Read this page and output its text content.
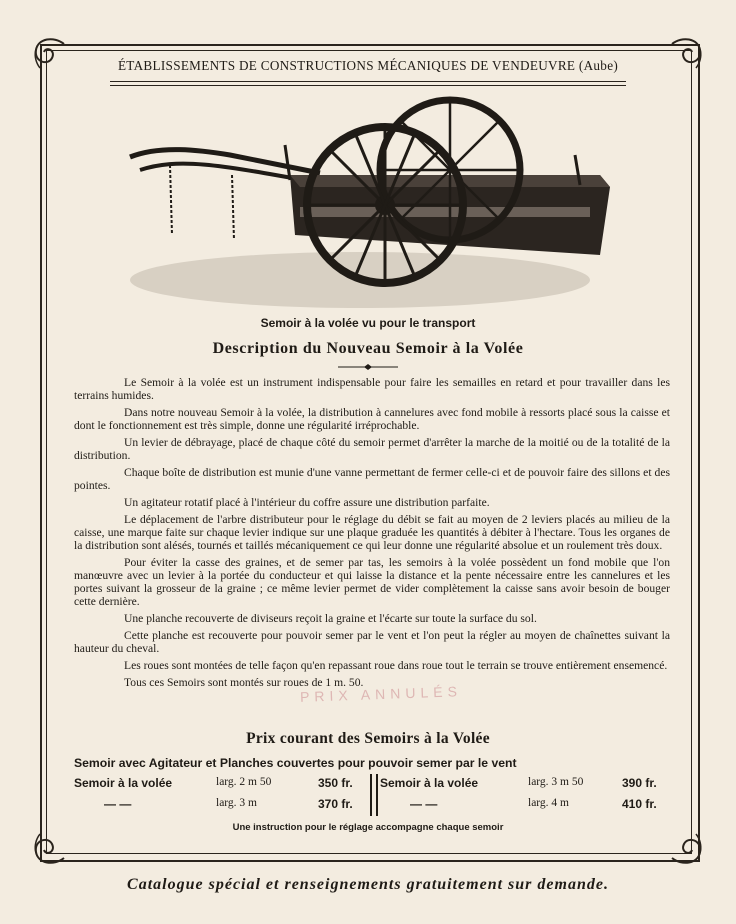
ÉTABLISSEMENTS DE CONSTRUCTIONS MÉCANIQUES DE VENDEUVRE (Aube)
Semoir à la volée vu pour le transport
Description du Nouveau Semoir à la Volée

Le Semoir à la volée est un instrument indispensable pour faire les semailles en retard et pour travailler dans les terrains humides.

Dans notre nouveau Semoir à la volée, la distribution à cannelures avec fond mobile à ressorts placé sous la caisse et dont le fonctionnement est très simple, donne une régularité irréprochable.

Un levier de débrayage, placé de chaque côté du semoir permet d'arrêter la marche de la moitié ou de la totalité de la distribution.

Chaque boîte de distribution est munie d'une vanne permettant de fermer celle-ci et de pouvoir faire des sillons et des pointes.

Un agitateur rotatif placé à l'intérieur du coffre assure une distribution parfaite.

Le déplacement de l'arbre distributeur pour le réglage du débit se fait au moyen de 2 leviers placés au milieu de la caisse, une marque faite sur chaque levier indique sur une plaque graduée les quantités à débiter à l'hectare. Tous les organes de la distribution sont alésés, tournés et taillés mécaniquement ce qui leur donne une régularité absolue et un roulement très doux.

Pour éviter la casse des graines, et de semer par tas, les semoirs à la volée possèdent un fond mobile que l'on manœuvre avec un levier à la portée du conducteur et qui laisse la distance et la pente nécessaire entre les cannelures et les portes suivant la grosseur de la graine ; ce même levier permet de vider complètement la caisse sans avoir besoin de bouger cette dernière.

Une planche recouverte de diviseurs reçoit la graine et l'écarte sur toute la surface du sol.

Cette planche est recouverte pour pouvoir semer par le vent et l'on peut la régler au moyen de chaînettes suivant la hauteur du cheval.

Les roues sont montées de telle façon qu'en repassant roue dans roue tout le terrain se trouve entièrement ensemencé.

Tous ces Semoirs sont montés sur roues de 1 m. 50.

PRIX ANNULÉS
Prix courant des Semoirs à la Volée
Semoir avec Agitateur et Planches couvertes pour pouvoir semer par le vent
Semoir à la volée	larg. 2 m 50	350 fr. Semoir à la volée	larg. 3 m 50	390 fr.
— —	larg. 3 m	370 fr.	— —	larg. 4 m	410 fr.
Une instruction pour le réglage accompagne chaque semoir
Catalogue spécial et renseignements gratuitement sur demande.
